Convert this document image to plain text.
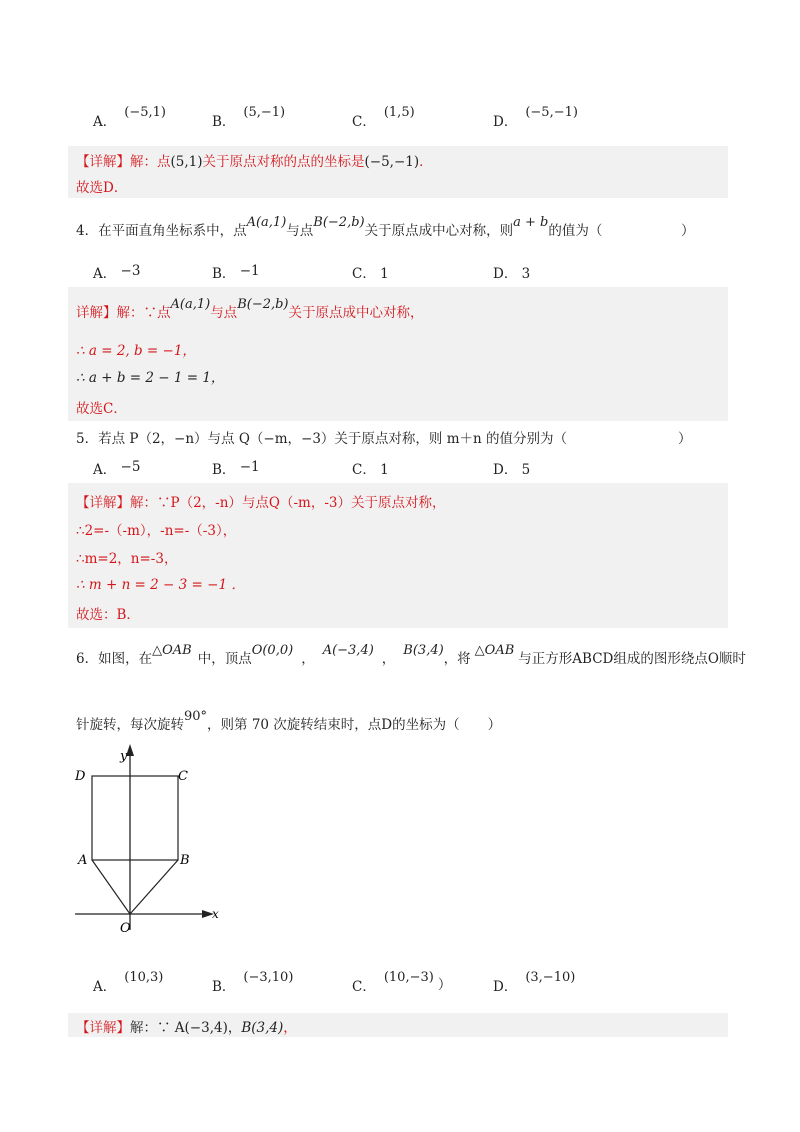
A．(−5,1)
B．(5,−1)
C．(1,5)
D．(−5,−1)
【详解】解：点(5,1)关于原点对称的点的坐标是(−5,−1)．
故选D．
4．在平面直角坐标系中，点A(a,1)与点B(−2,b)关于原点成中心对称，则a + b的值为（	）
A． −3	B． −1	C． 1	D． 3
详解】解：∵点A(a,1)与点B(−2,b)关于原点成中心对称，
∴ a = 2, b = −1，
∴ a + b = 2 − 1 = 1，
故选C．
5．若点 P（2，−n）与点 Q（−m，−3）关于原点对称，则 m＋n 的值分别为（	）
A． −5	B． −1	C． 1	D． 5
【详解】解：∵P（2，-n）与点Q（-m，-3）关于原点对称，
∴2=-（-m），-n=-（-3），
∴m=2，n=-3，
∴ m + n = 2 − 3 = −1 ．
故选：B．
6．如图，在△OAB中，顶点O(0,0)，A(−3,4)，B(3,4)，将△OAB与正方形ABCD组成的图形绕点O顺时
针旋转，每次旋转90°，则第 70 次旋转结束时，点D的坐标为（ ）
y
x
D	C
A	B
O
A．(10,3)
B．(−3,10)
C．(10,−3) ）	D．(3,−10)
【详解】解：∵ A(−3,4)，B(3,4)，
